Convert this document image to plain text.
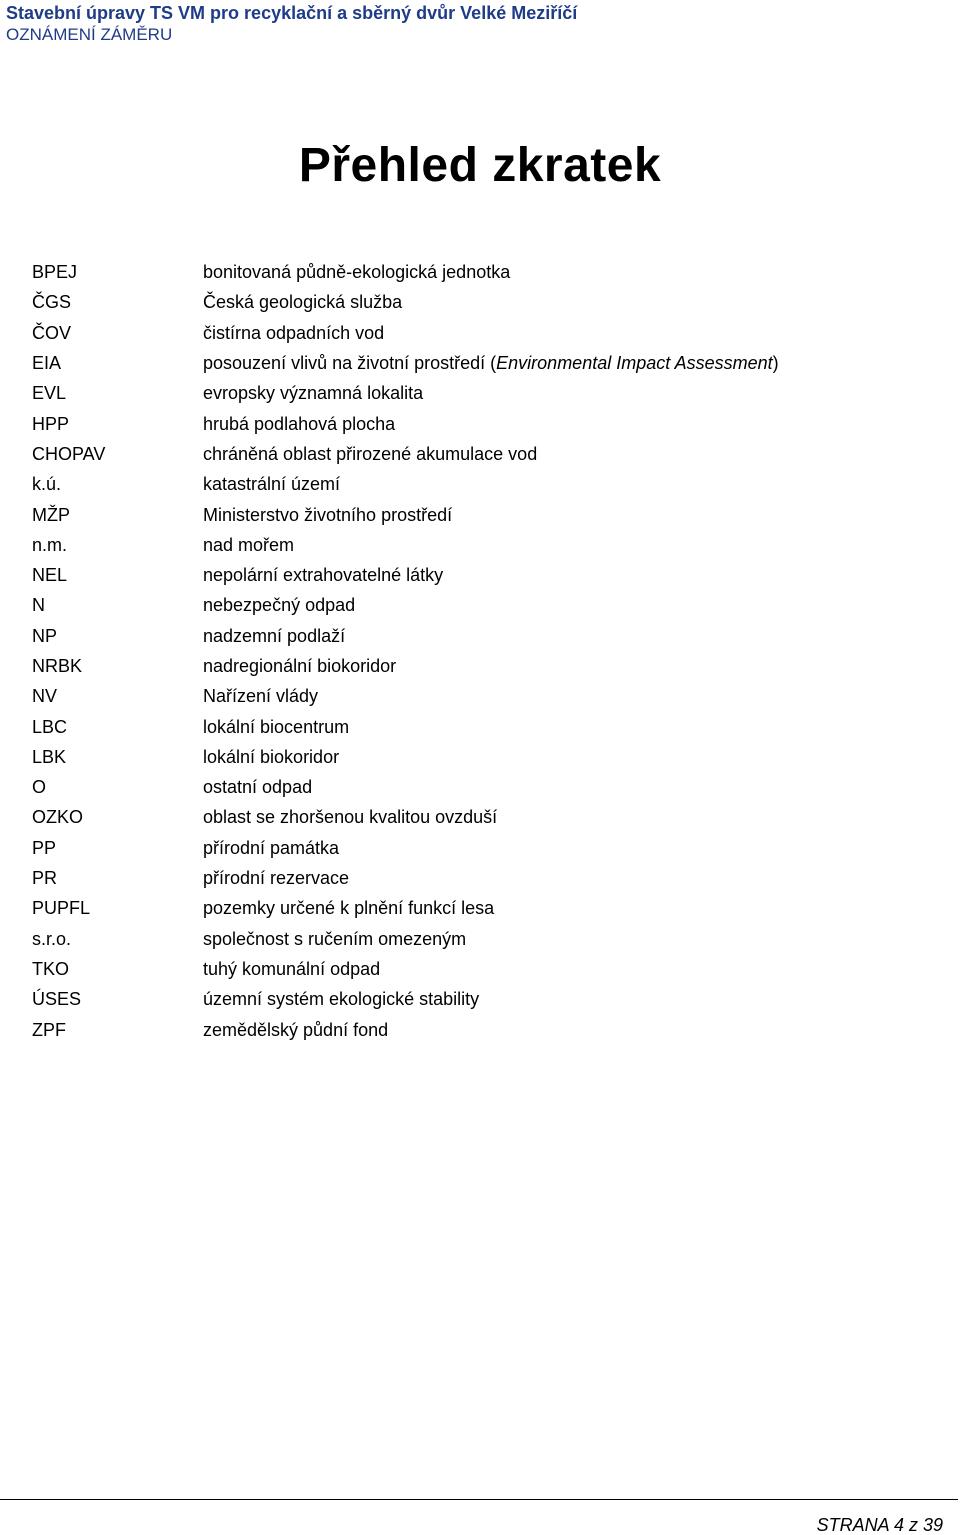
Stavební úpravy TS VM pro recyklační a sběrný dvůr Velké Meziříčí
OZNÁMENÍ ZÁMĚRU
Přehled zkratek
BPEJ	bonitovaná půdně-ekologická jednotka
ČGS	Česká geologická služba
ČOV	čistírna odpadních vod
EIA	posouzení vlivů na životní prostředí (Environmental Impact Assessment)
EVL	evropsky významná lokalita
HPP	hrubá podlahová plocha
CHOPAV	chráněná oblast přirozené akumulace vod
k.ú.	katastrální území
MŽP	Ministerstvo životního prostředí
n.m.	nad mořem
NEL	nepolární extrahovatelné látky
N	nebezpečný odpad
NP	nadzemní podlaží
NRBK	nadregionální biokoridor
NV	Nařízení vlády
LBC	lokální biocentrum
LBK	lokální biokoridor
O	ostatní odpad
OZKO	oblast se zhoršenou kvalitou ovzduší
PP	přírodní památka
PR	přírodní rezervace
PUPFL	pozemky určené k plnění funkcí lesa
s.r.o.	společnost s ručením omezeným
TKO	tuhý komunální odpad
ÚSES	územní systém ekologické stability
ZPF	zemědělský půdní fond
STRANA 4 z 39
